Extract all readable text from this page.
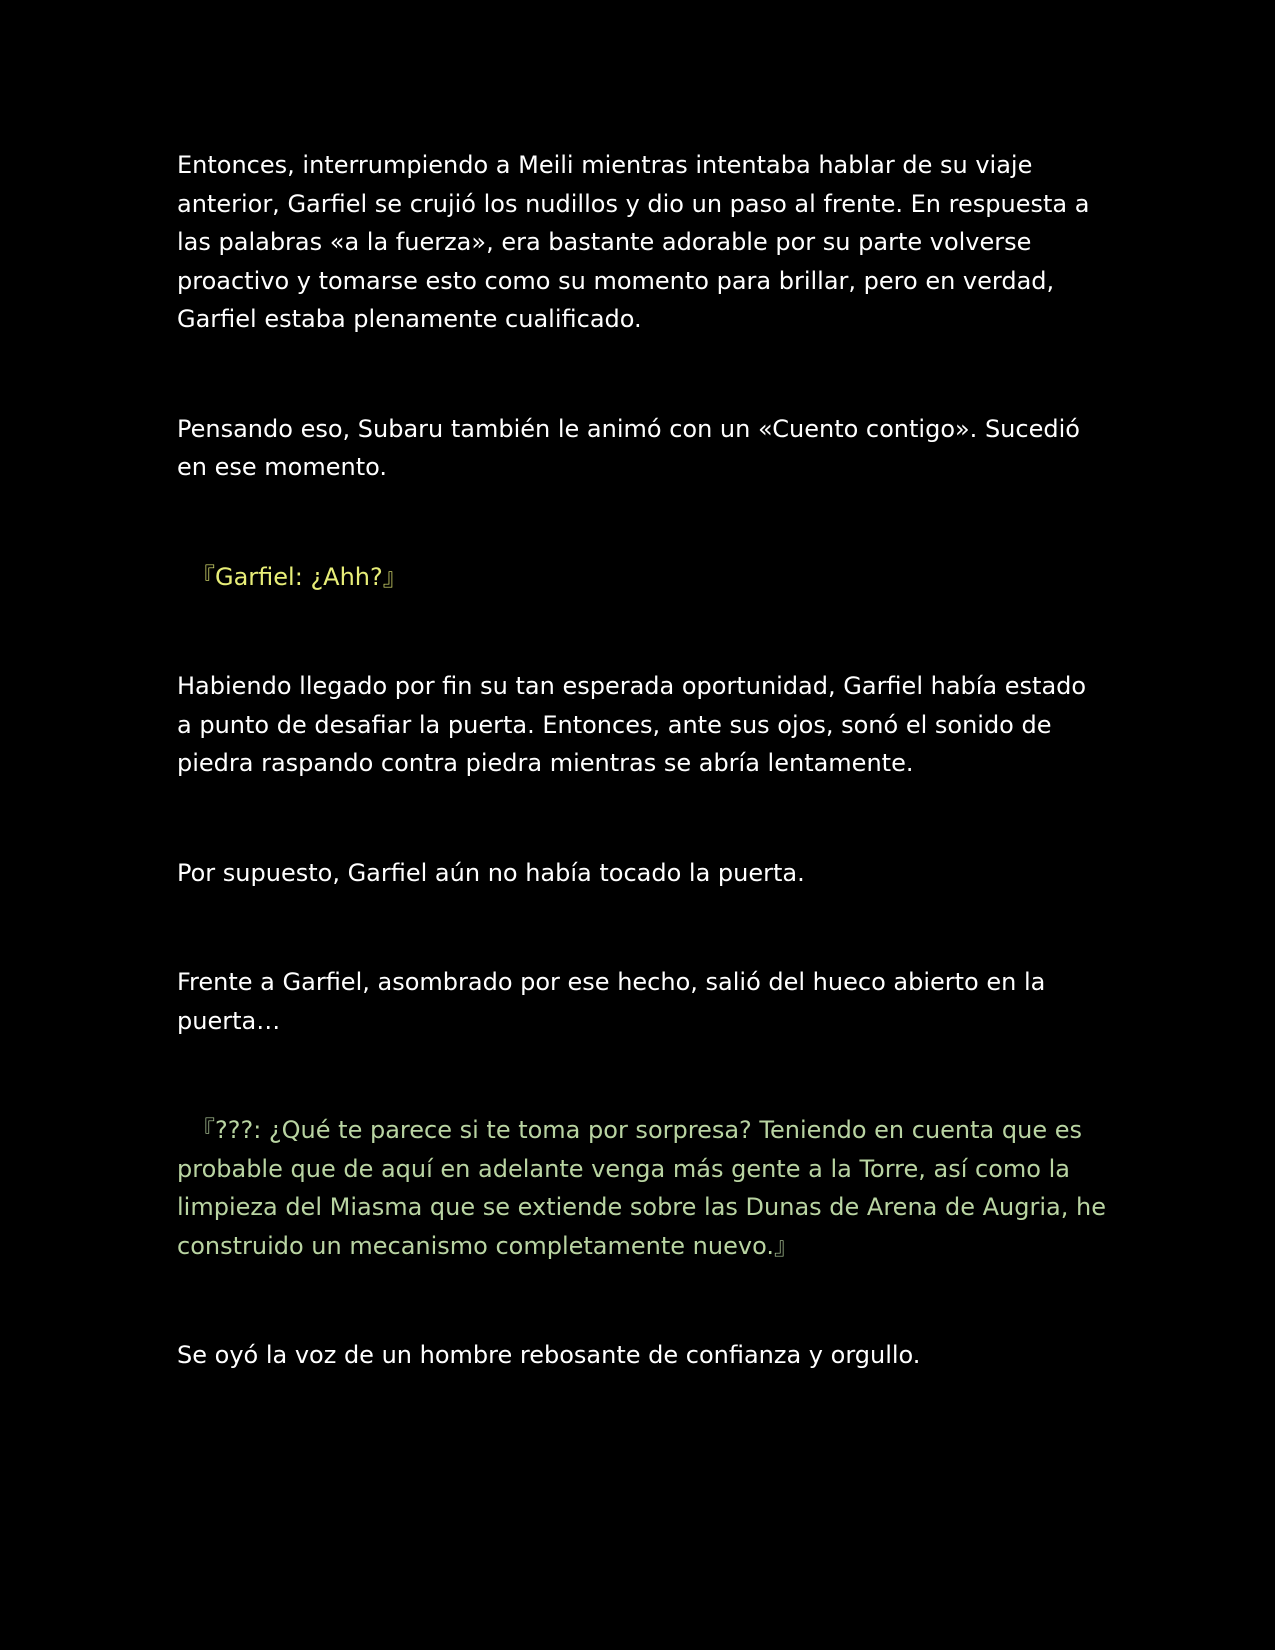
Entonces, interrumpiendo a Meili mientras intentaba hablar de su viaje anterior, Garfiel se crujió los nudillos y dio un paso al frente. En respuesta a las palabras «a la fuerza», era bastante adorable por su parte volverse proactivo y tomarse esto como su momento para brillar, pero en verdad, Garfiel estaba plenamente cualificado.

Pensando eso, Subaru también le animó con un «Cuento contigo». Sucedió en ese momento.

『Garfiel: ¿Ahh?』

Habiendo llegado por fin su tan esperada oportunidad, Garfiel había estado a punto de desafiar la puerta. Entonces, ante sus ojos, sonó el sonido de piedra raspando contra piedra mientras se abría lentamente.

Por supuesto, Garfiel aún no había tocado la puerta.

Frente a Garfiel, asombrado por ese hecho, salió del hueco abierto en la puerta…

『???: ¿Qué te parece si te toma por sorpresa? Teniendo en cuenta que es probable que de aquí en adelante venga más gente a la Torre, así como la limpieza del Miasma que se extiende sobre las Dunas de Arena de Augria, he construido un mecanismo completamente nuevo.』

Se oyó la voz de un hombre rebosante de confianza y orgullo.
